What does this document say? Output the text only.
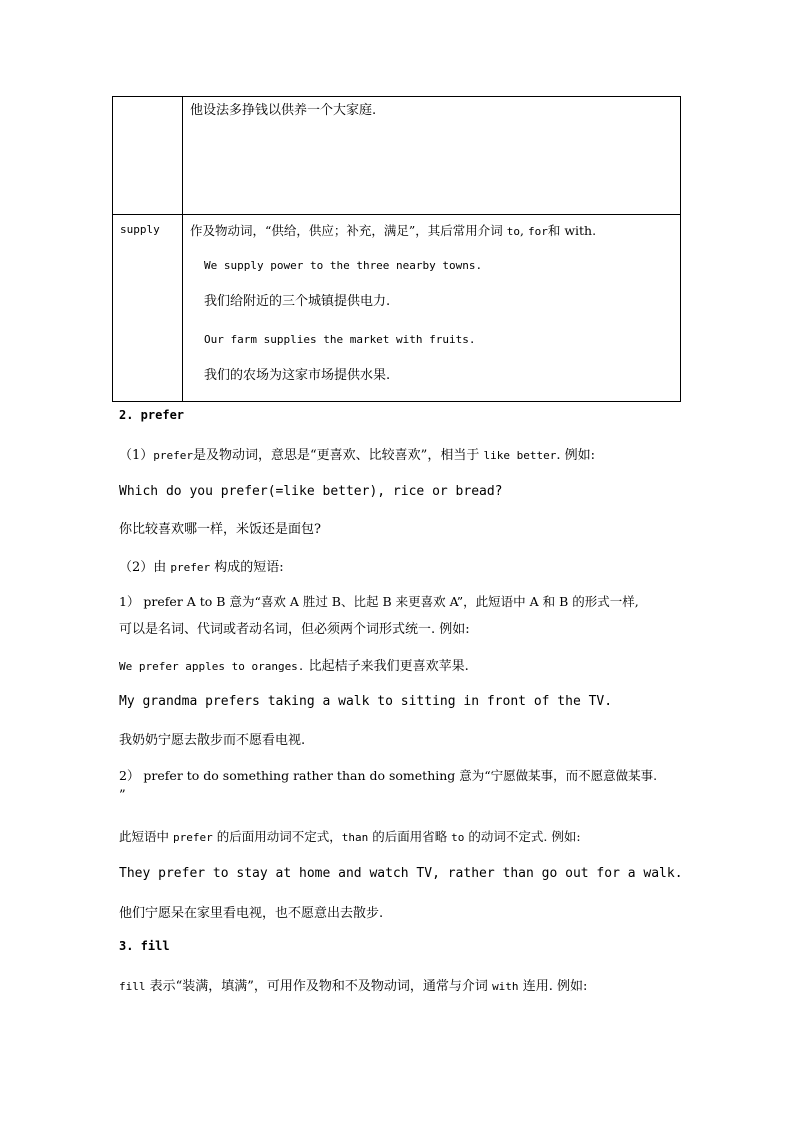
	他设法多挣钱以供养一个大家庭.

supply	作及物动词，“供给，供应；补充，满足”，其后常用介词 to, for和 with.
We supply power to the three nearby towns.
我们给附近的三个城镇提供电力.
Our farm supplies the market with fruits.
我们的农场为这家市场提供水果.
2. prefer
（1）prefer是及物动词，意思是“更喜欢、比较喜欢”，相当于 like better. 例如:
Which do you prefer(=like better), rice or bread?
你比较喜欢哪一样，米饭还是面包?
（2）由 prefer 构成的短语:
1） prefer A to B 意为“喜欢 A 胜过 B、比起 B 来更喜欢 A”，此短语中 A 和 B 的形式一样,
可以是名词、代词或者动名词，但必须两个词形式统一. 例如:
We prefer apples to oranges. 比起桔子来我们更喜欢苹果.
My grandma prefers taking a walk to sitting in front of the TV.
我奶奶宁愿去散步而不愿看电视.
2） prefer to do something rather than do something 意为“宁愿做某事，而不愿意做某事.
”
此短语中 prefer 的后面用动词不定式，than 的后面用省略 to 的动词不定式. 例如:
They prefer to stay at home and watch TV, rather than go out for a walk.
他们宁愿呆在家里看电视，也不愿意出去散步.
3. fill
fill 表示“装满，填满”，可用作及物和不及物动词，通常与介词 with 连用. 例如:
